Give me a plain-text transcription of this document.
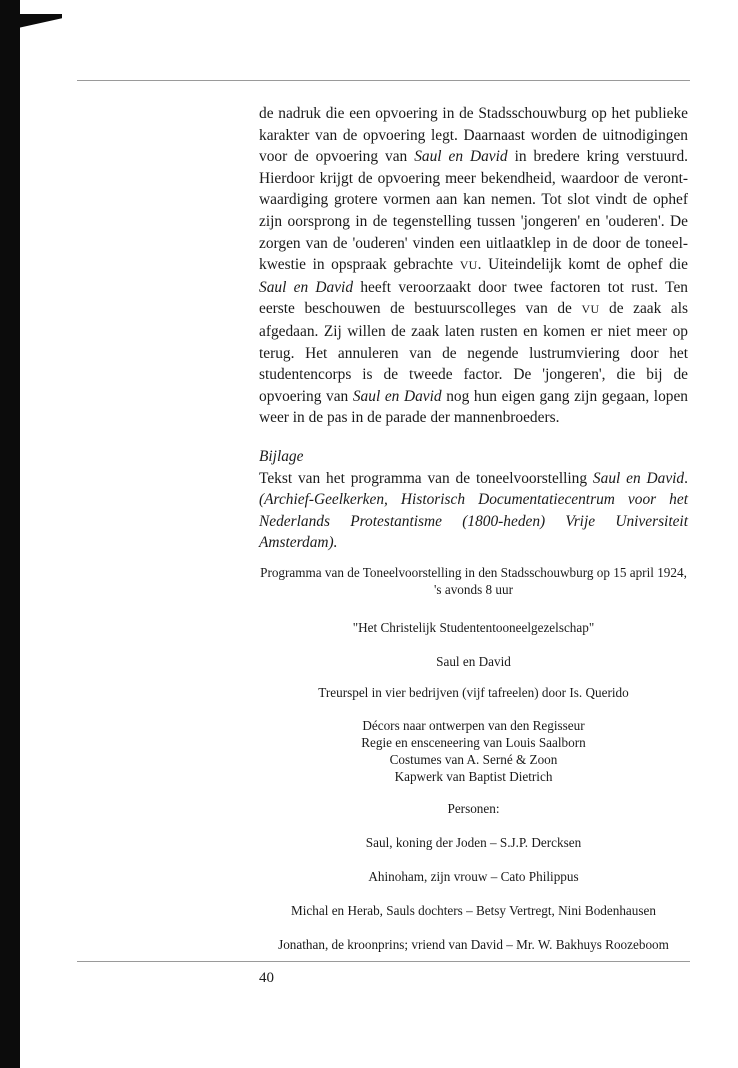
de nadruk die een opvoering in de Stadsschouwburg op het publieke karakter van de opvoering legt. Daarnaast worden de uitnodigingen voor de opvoering van Saul en David in bredere kring verstuurd. Hierdoor krijgt de opvoering meer bekendheid, waardoor de verontwaardiging grotere vormen aan kan nemen. Tot slot vindt de ophef zijn oorsprong in de tegenstelling tussen 'jongeren' en 'ouderen'. De zorgen van de 'ouderen' vinden een uitlaatklep in de door de toneelkwestie in opspraak gebrachte VU. Uiteindelijk komt de ophef die Saul en David heeft veroorzaakt door twee factoren tot rust. Ten eerste beschouwen de bestuurscolleges van de VU de zaak als afgedaan. Zij willen de zaak laten rusten en komen er niet meer op terug. Het annuleren van de negende lustrumviering door het studentencorps is de tweede factor. De 'jongeren', die bij de opvoering van Saul en David nog hun eigen gang zijn gegaan, lopen weer in de pas in de parade der mannenbroeders.

Bijlage

Tekst van het programma van de toneelvoorstelling Saul en David. (Archief-Geelkerken, Historisch Documentatiecentrum voor het Nederlands Protestantisme (1800-heden) Vrije Universiteit Amsterdam).

Programma van de Toneelvoorstelling in den Stadsschouwburg op 15 april 1924, 's avonds 8 uur

"Het Christelijk Studententooneelgezelschap"

Saul en David

Treurspel in vier bedrijven (vijf tafreelen) door Is. Querido

Décors naar ontwerpen van den Regisseur

Regie en ensceneering van Louis Saalborn

Costumes van A. Serné & Zoon

Kapwerk van Baptist Dietrich

Personen:

Saul, koning der Joden – S.J.P. Dercksen

Ahinoham, zijn vrouw – Cato Philippus

Michal en Herab, Sauls dochters – Betsy Vertregt, Nini Bodenhausen

Jonathan, de kroonprins; vriend van David – Mr. W. Bakhuys Roozeboom

40
